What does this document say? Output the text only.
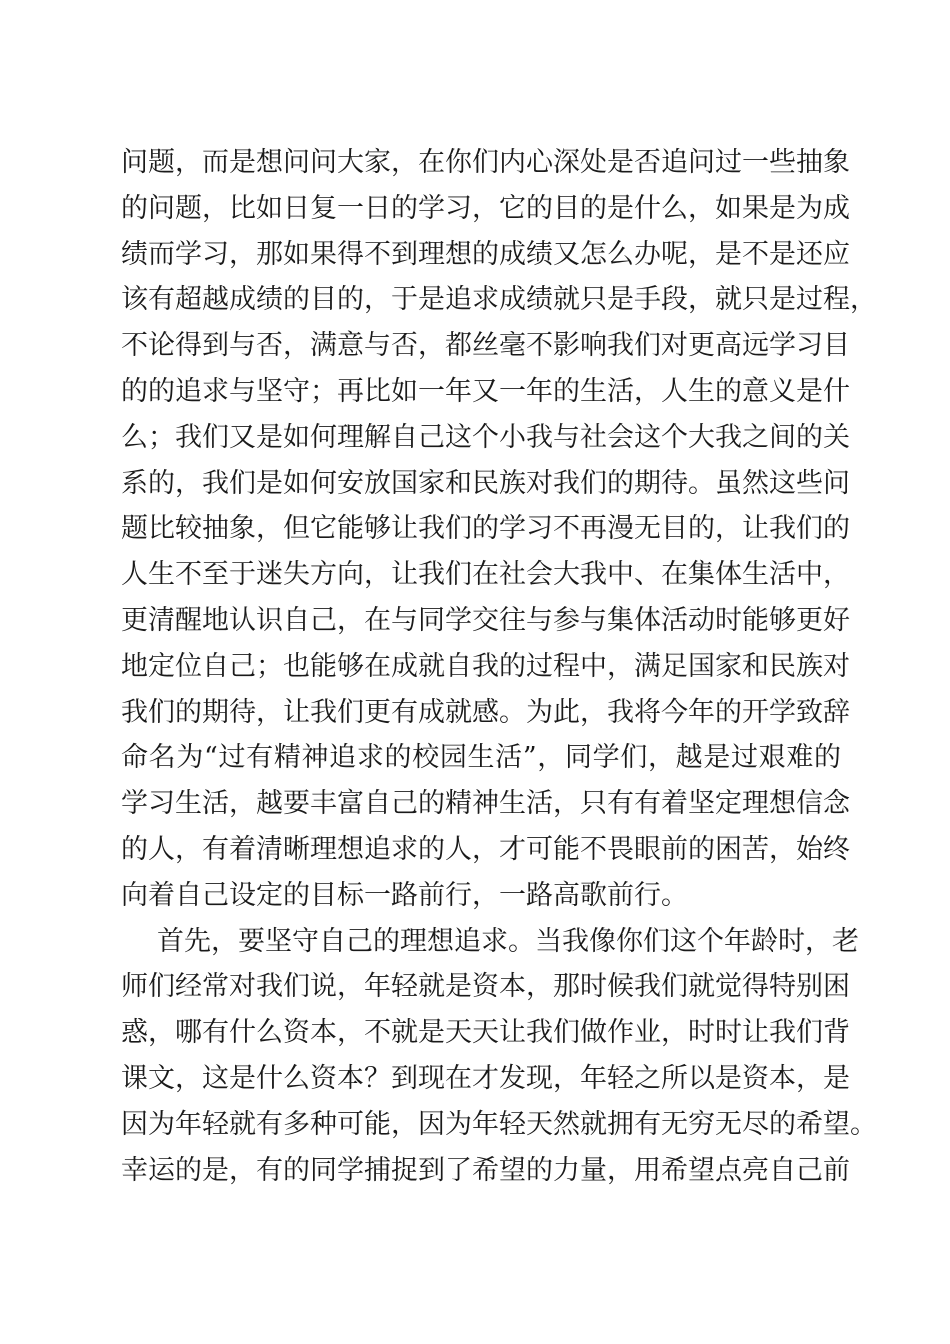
问题，而是想问问大家，在你们内心深处是否追问过一些抽象
的问题，比如日复一日的学习，它的目的是什么，如果是为成
绩而学习，那如果得不到理想的成绩又怎么办呢，是不是还应
该有超越成绩的目的，于是追求成绩就只是手段，就只是过程，
不论得到与否，满意与否，都丝毫不影响我们对更高远学习目
的的追求与坚守；再比如一年又一年的生活，人生的意义是什
么；我们又是如何理解自己这个小我与社会这个大我之间的关
系的，我们是如何安放国家和民族对我们的期待。虽然这些问
题比较抽象，但它能够让我们的学习不再漫无目的，让我们的
人生不至于迷失方向，让我们在社会大我中、在集体生活中，
更清醒地认识自己，在与同学交往与参与集体活动时能够更好
地定位自己；也能够在成就自我的过程中，满足国家和民族对
我们的期待，让我们更有成就感。为此，我将今年的开学致辞
命名为“过有精神追求的校园生活”，同学们，越是过艰难的
学习生活，越要丰富自己的精神生活，只有有着坚定理想信念
的人，有着清晰理想追求的人，才可能不畏眼前的困苦，始终
向着自己设定的目标一路前行，一路高歌前行。
首先，要坚守自己的理想追求。当我像你们这个年龄时，老
师们经常对我们说，年轻就是资本，那时候我们就觉得特别困
惑，哪有什么资本，不就是天天让我们做作业，时时让我们背
课文，这是什么资本？到现在才发现，年轻之所以是资本，是
因为年轻就有多种可能，因为年轻天然就拥有无穷无尽的希望。
幸运的是，有的同学捕捉到了希望的力量，用希望点亮自己前
